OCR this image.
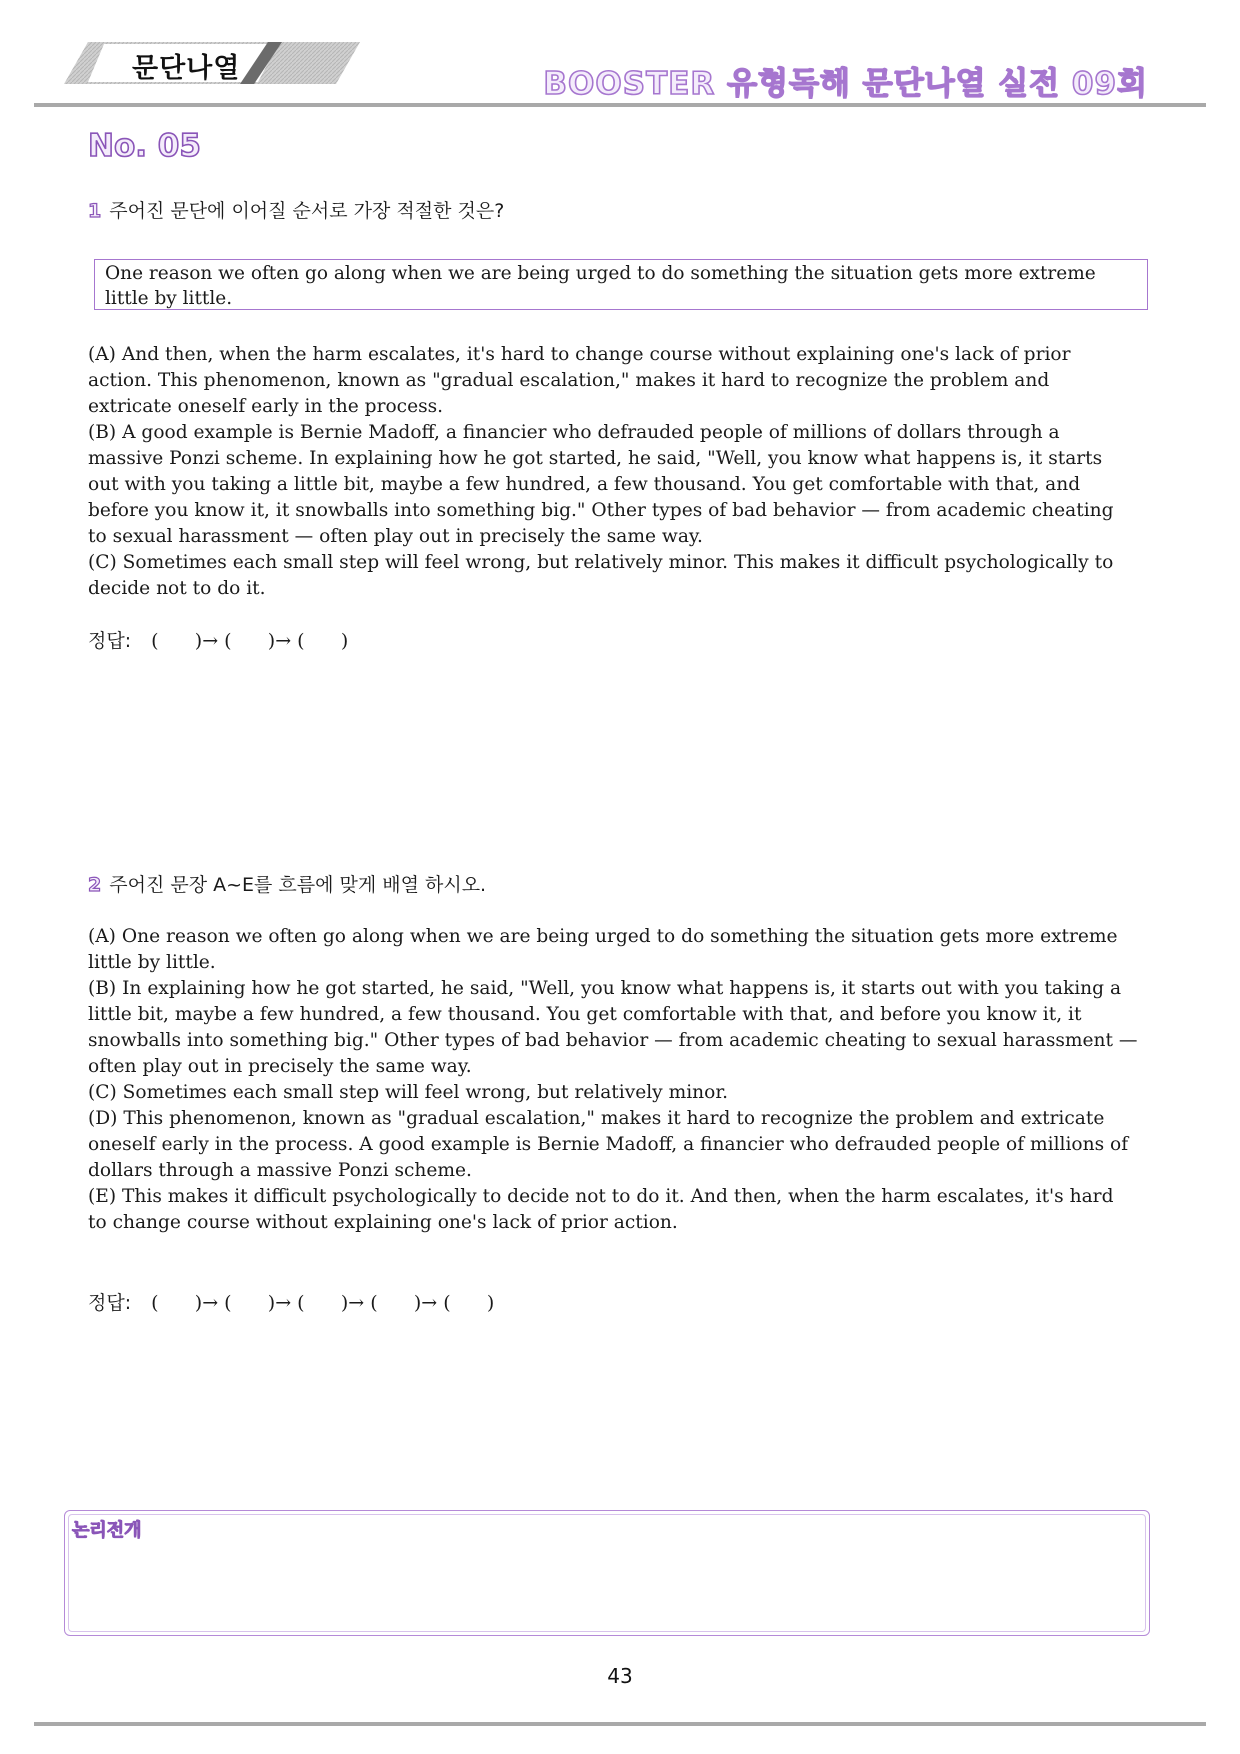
문단나열	BOOSTER 유형독해 문단나열 실전 09회
No. 05
1 주어진 문단에 이어질 순서로 가장 적절한 것은?
One reason we often go along when we are being urged to do something the situation gets more extreme little by little.

(A) And then, when the harm escalates, it's hard to change course without explaining one's lack of prior action. This phenomenon, known as "gradual escalation," makes it hard to recognize the problem and extricate oneself early in the process.

(B) A good example is Bernie Madoff, a financier who defrauded people of millions of dollars through a massive Ponzi scheme. In explaining how he got started, he said, "Well, you know what happens is, it starts out with you taking a little bit, maybe a few hundred, a few thousand. You get comfortable with that, and before you know it, it snowballs into something big." Other types of bad behavior — from academic cheating to sexual harassment — often play out in precisely the same way.

(C) Sometimes each small step will feel wrong, but relatively minor. This makes it difficult psychologically to decide not to do it.

정답: (      )→ (      )→ (      )
2 주어진 문장 A~E를 흐름에 맞게 배열 하시오.

(A) One reason we often go along when we are being urged to do something the situation gets more extreme little by little.

(B) In explaining how he got started, he said, "Well, you know what happens is, it starts out with you taking a little bit, maybe a few hundred, a few thousand. You get comfortable with that, and before you know it, it snowballs into something big." Other types of bad behavior — from academic cheating to sexual harassment — often play out in precisely the same way.

(C) Sometimes each small step will feel wrong, but relatively minor.

(D) This phenomenon, known as "gradual escalation," makes it hard to recognize the problem and extricate oneself early in the process. A good example is Bernie Madoff, a financier who defrauded people of millions of dollars through a massive Ponzi scheme.

(E) This makes it difficult psychologically to decide not to do it. And then, when the harm escalates, it's hard to change course without explaining one's lack of prior action.

정답: (      )→ (      )→ (      )→ (      )→ (      )
논리전개
43
